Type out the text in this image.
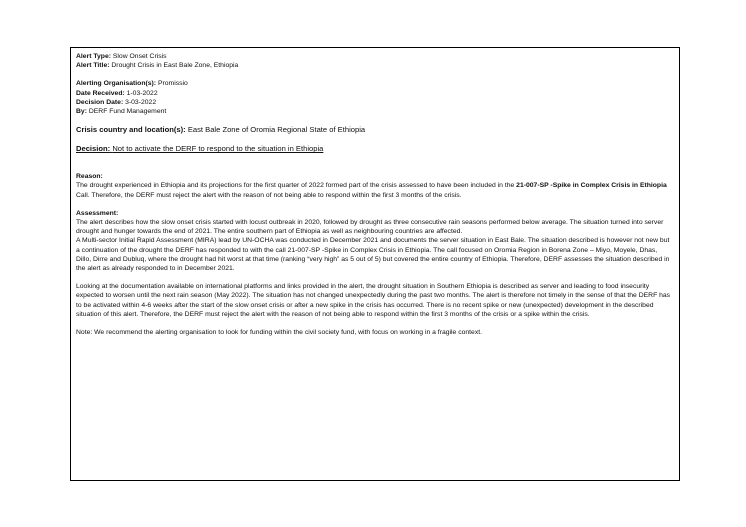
Alert Type: Slow Onset Crisis

Alert Title: Drought Crisis in East Bale Zone, Ethiopia

Alerting Organisation(s): Promissio

Date Received: 1-03-2022

Decision Date: 3-03-2022

By: DERF Fund Management

Crisis country and location(s): East Bale Zone of Oromia Regional State of Ethiopia

Decision: Not to activate the DERF to respond to the situation in Ethiopia

Reason:

The drought experienced in Ethiopia and its projections for the first quarter of 2022 formed part of the crisis assessed to have been included in the 21-007-SP -Spike in Complex Crisis in Ethiopia Call. Therefore, the DERF must reject the alert with the reason of not being able to respond within the first 3 months of the crisis.

Assessment:

The alert describes how the slow onset crisis started with locust outbreak in 2020, followed by drought as three consecutive rain seasons performed below average. The situation turned into server drought and hunger towards the end of 2021. The entire southern part of Ethiopia as well as neighbouring countries are affected.

A Multi-sector Initial Rapid Assessment (MIRA) lead by UN-OCHA was conducted in December 2021 and documents the server situation in East Bale. The situation described is however not new but a continuation of the drought the DERF has responded to with the call 21-007-SP -Spike in Complex Crisis in Ethiopia. The call focused on Oromia Region in Borena Zone – Miyo, Moyele, Dhas, Dillo, Dirre and Dubluq, where the drought had hit worst at that time (ranking “very high” as 5 out of 5) but covered the entire country of Ethiopia. Therefore, DERF assesses the situation described in the alert as already responded to in December 2021.

Looking at the documentation available on international platforms and links provided in the alert, the drought situation in Southern Ethiopia is described as server and leading to food insecurity expected to worsen until the next rain season (May 2022). The situation has not changed unexpectedly during the past two months. The alert is therefore not timely in the sense of that the DERF has to be activated within 4-6 weeks after the start of the slow onset crisis or after a new spike in the crisis has occurred. There is no recent spike or new (unexpected) development in the described situation of this alert. Therefore, the DERF must reject the alert with the reason of not being able to respond within the first 3 months of the crisis or a spike within the crisis.

Note: We recommend the alerting organisation to look for funding within the civil society fund, with focus on working in a fragile context.
